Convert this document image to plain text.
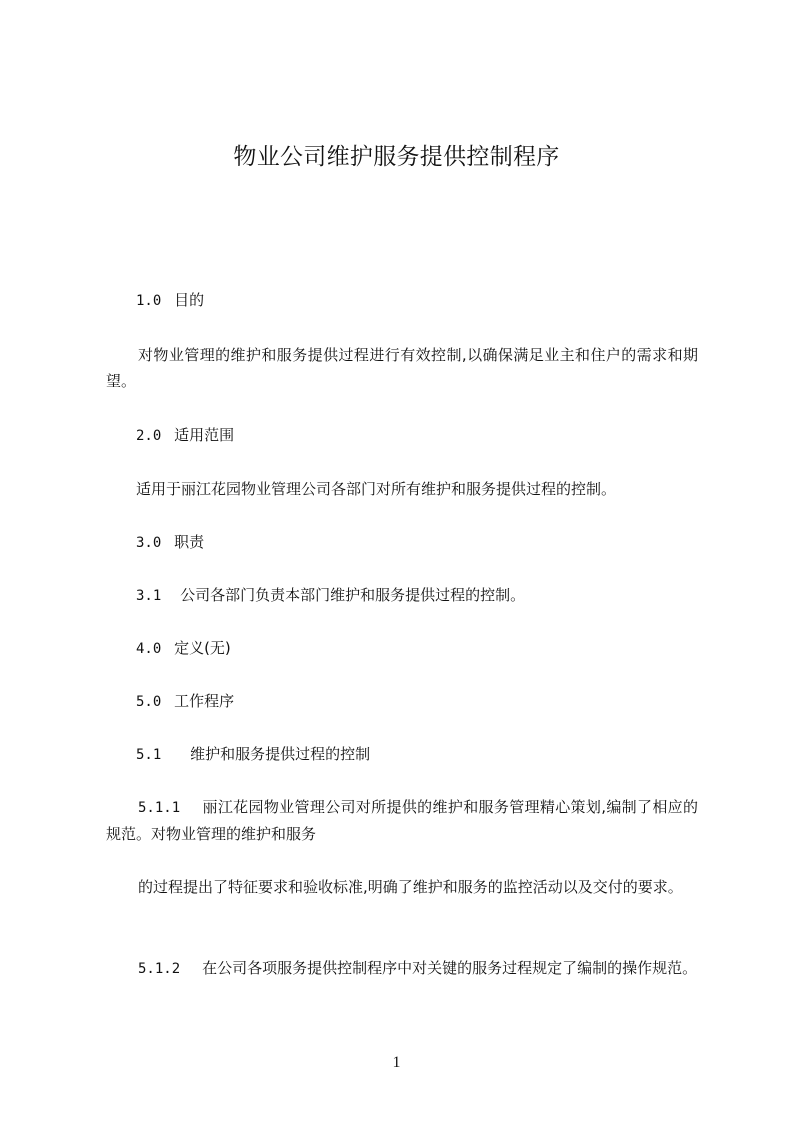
物业公司维护服务提供控制程序
1.0 目的
对物业管理的维护和服务提供过程进行有效控制,以确保满足业主和住户的需求和期望。
2.0 适用范围
适用于丽江花园物业管理公司各部门对所有维护和服务提供过程的控制。
3.0 职责
3.1 公司各部门负责本部门维护和服务提供过程的控制。
4.0 定义(无)
5.0 工作程序
5.1 维护和服务提供过程的控制
5.1.1 丽江花园物业管理公司对所提供的维护和服务管理精心策划,编制了相应的规范。对物业管理的维护和服务
的过程提出了特征要求和验收标准,明确了维护和服务的监控活动以及交付的要求。
5.1.2 在公司各项服务提供控制程序中对关键的服务过程规定了编制的操作规范。
1
